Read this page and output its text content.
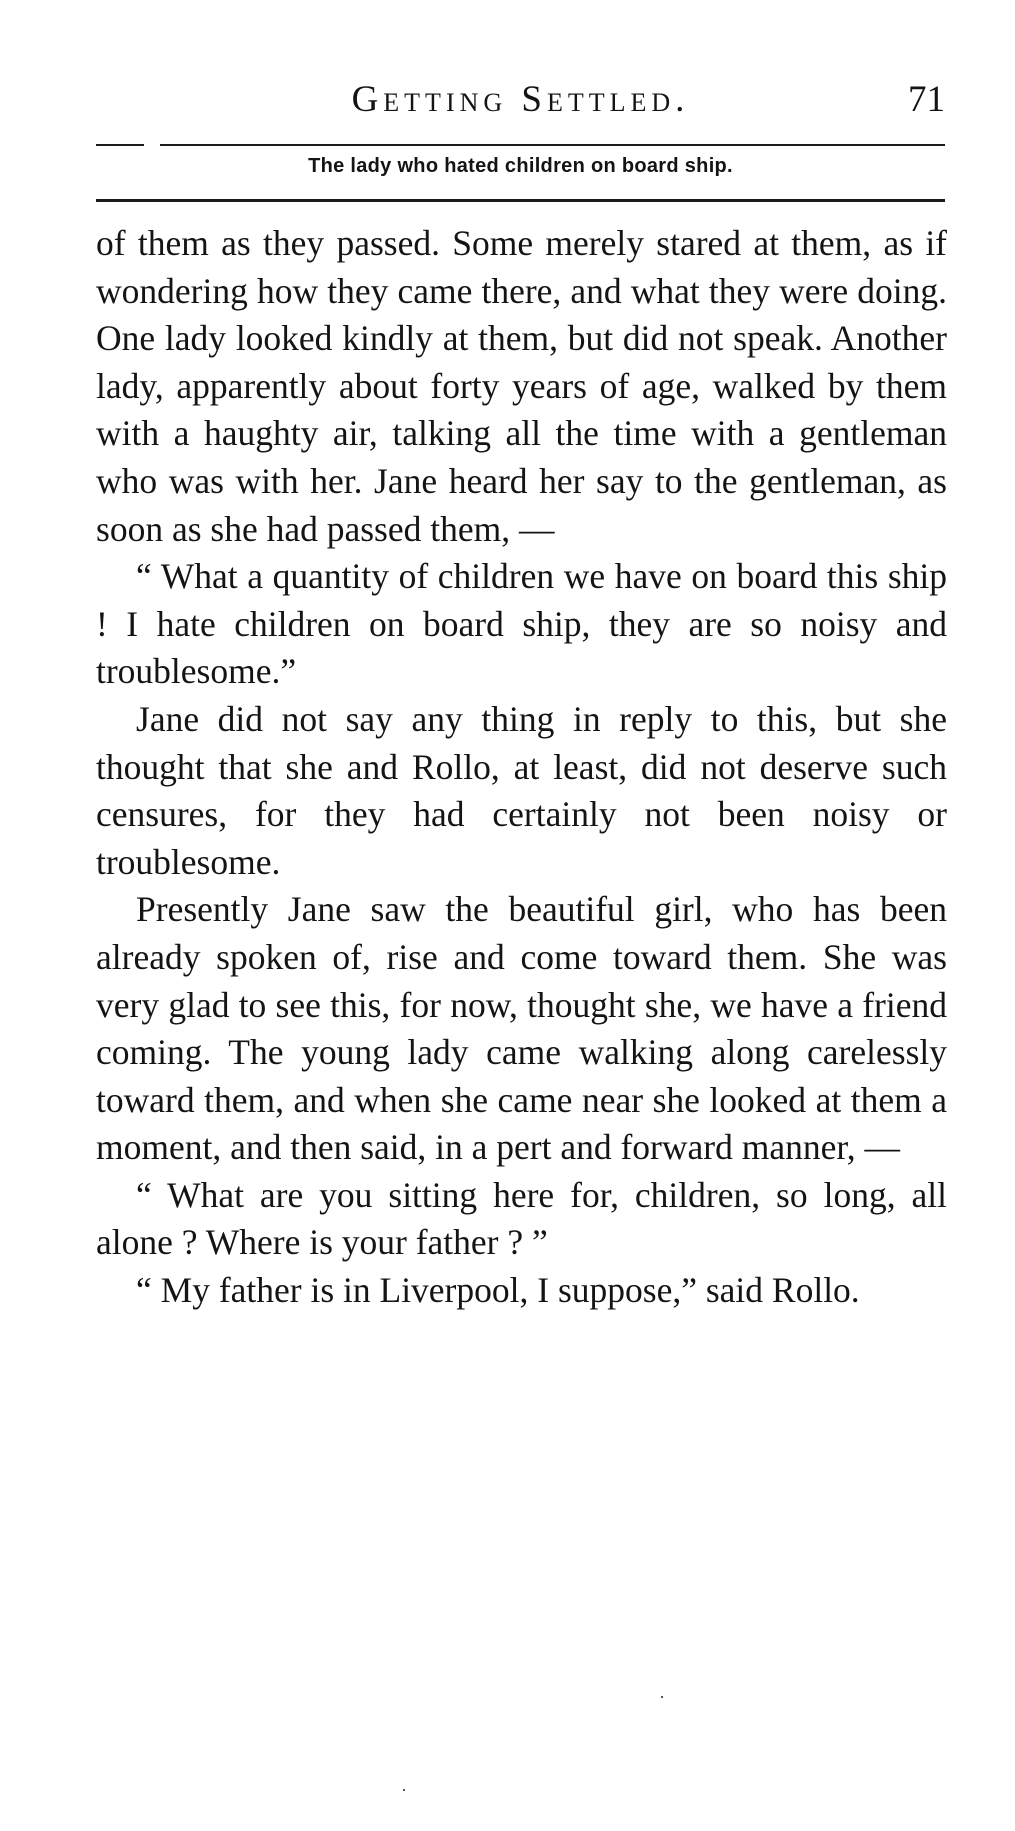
Getting Settled.	71
The lady who hated children on board ship.

of them as they passed. Some merely stared at them, as if wondering how they came there, and what they were doing. One lady looked kindly at them, but did not speak. Another lady, apparently about forty years of age, walked by them with a haughty air, talking all the time with a gentleman who was with her. Jane heard her say to the gentleman, as soon as she had passed them, —

“ What a quantity of children we have on board this ship ! I hate children on board ship, they are so noisy and troublesome.”

Jane did not say any thing in reply to this, but she thought that she and Rollo, at least, did not deserve such censures, for they had certainly not been noisy or troublesome.

Presently Jane saw the beautiful girl, who has been already spoken of, rise and come toward them. She was very glad to see this, for now, thought she, we have a friend coming. The young lady came walking along carelessly toward them, and when she came near she looked at them a moment, and then said, in a pert and forward manner, —

“ What are you sitting here for, children, so long, all alone ? Where is your father ? ”

“ My father is in Liverpool, I suppose,” said Rollo.
